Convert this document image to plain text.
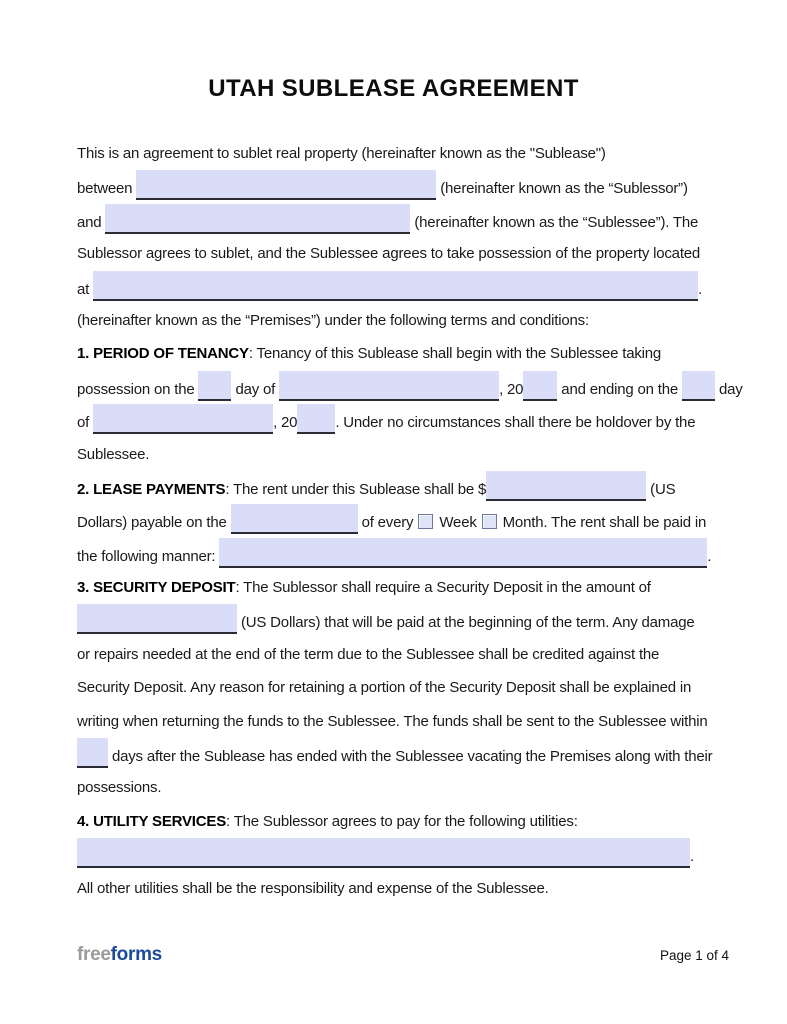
UTAH SUBLEASE AGREEMENT
This is an agreement to sublet real property (hereinafter known as the "Sublease")
between	(hereinafter known as the “Sublessor”)
and	(hereinafter known as the “Sublessee”). The
Sublessor agrees to sublet, and the Sublessee agrees to take possession of the property located
at	.
(hereinafter known as the “Premises”) under the following terms and conditions:
1. PERIOD OF TENANCY: Tenancy of this Sublease shall begin with the Sublessee taking
possession on the  day of	, 20 and ending on the  day
of	, 20	. Under no circumstances shall there be holdover by the
Sublessee.
2. LEASE PAYMENTS: The rent under this Sublease shall be $	(US
Dollars) payable on the	of every Week Month. The rent shall be paid in
the following manner:	.
3. SECURITY DEPOSIT: The Sublessor shall require a Security Deposit in the amount of
(US Dollars) that will be paid at the beginning of the term. Any damage
or repairs needed at the end of the term due to the Sublessee shall be credited against the
Security Deposit. Any reason for retaining a portion of the Security Deposit shall be explained in
writing when returning the funds to the Sublessee. The funds shall be sent to the Sublessee within
days after the Sublease has ended with the Sublessee vacating the Premises along with their
possessions.
4. UTILITY SERVICES: The Sublessor agrees to pay for the following utilities:
.
All other utilities shall be the responsibility and expense of the Sublessee.
freeforms	Page 1 of 4
